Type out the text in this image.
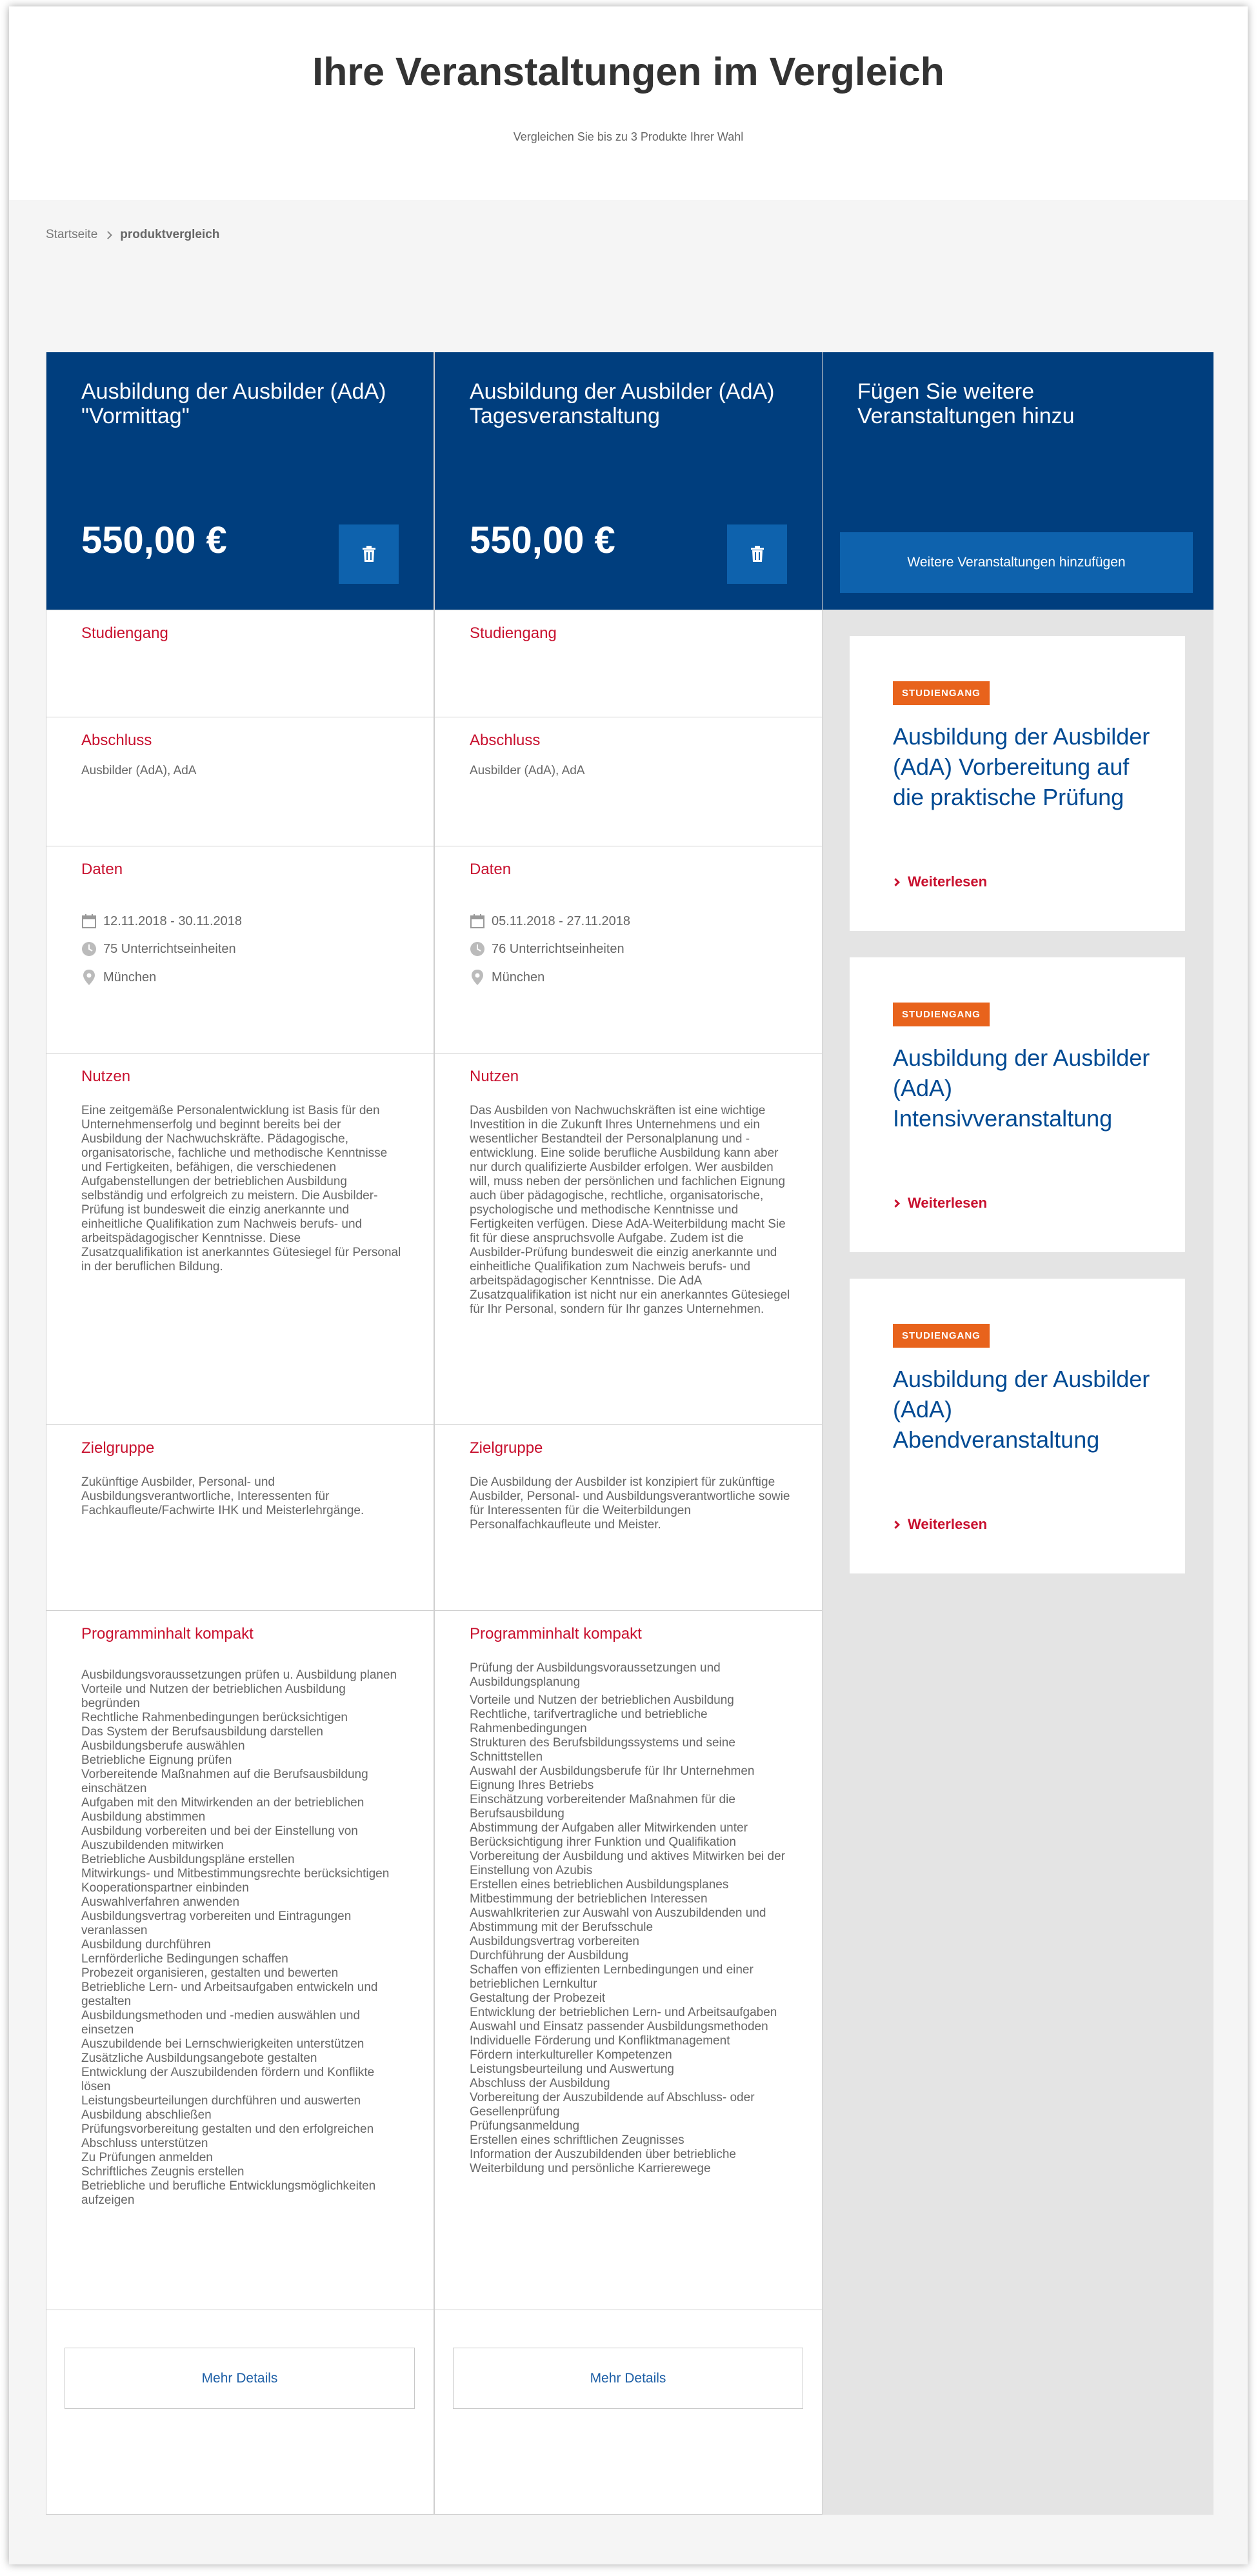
Ihre Veranstaltungen im Vergleich

Vergleichen Sie bis zu 3 Produkte Ihrer Wahl

Startseite produktvergleich
Ausbildung der Ausbilder (AdA) "Vormittag"
550,00 €
Studiengang
Abschluss
Ausbilder (AdA), AdA
Daten
12.11.2018 - 30.11.2018
75 Unterrichtseinheiten
München
Nutzen
Eine zeitgemäße Personalentwicklung ist Basis für den Unternehmenserfolg und beginnt bereits bei der Ausbildung der Nachwuchskräfte. Pädagogische, organisatorische, fachliche und methodische Kenntnisse und Fertigkeiten, befähigen, die verschiedenen Aufgabenstellungen der betrieblichen Ausbildung selbständig und erfolgreich zu meistern. Die Ausbilder-Prüfung ist bundesweit die einzig anerkannte und einheitliche Qualifikation zum Nachweis berufs- und arbeitspädagogischer Kenntnisse. Diese Zusatzqualifikation ist anerkanntes Gütesiegel für Personal in der beruflichen Bildung.
Zielgruppe
Zukünftige Ausbilder, Personal- und Ausbildungsverantwortliche, Interessenten für Fachkaufleute/Fachwirte IHK und Meisterlehrgänge.
Programminhalt kompakt
Ausbildungsvoraussetzungen prüfen u. Ausbildung planen
Vorteile und Nutzen der betrieblichen Ausbildung begründen
Rechtliche Rahmenbedingungen berücksichtigen
Das System der Berufsausbildung darstellen
Ausbildungsberufe auswählen
Betriebliche Eignung prüfen
Vorbereitende Maßnahmen auf die Berufsausbildung einschätzen
Aufgaben mit den Mitwirkenden an der betrieblichen Ausbildung abstimmen
Ausbildung vorbereiten und bei der Einstellung von Auszubildenden mitwirken
Betriebliche Ausbildungspläne erstellen
Mitwirkungs- und Mitbestimmungsrechte berücksichtigen
Kooperationspartner einbinden
Auswahlverfahren anwenden
Ausbildungsvertrag vorbereiten und Eintragungen veranlassen
Ausbildung durchführen
Lernförderliche Bedingungen schaffen
Probezeit organisieren, gestalten und bewerten
Betriebliche Lern- und Arbeitsaufgaben entwickeln und gestalten
Ausbildungsmethoden und -medien auswählen und einsetzen
Auszubildende bei Lernschwierigkeiten unterstützen
Zusätzliche Ausbildungsangebote gestalten
Entwicklung der Auszubildenden fördern und Konflikte lösen
Leistungsbeurteilungen durchführen und auswerten
Ausbildung abschließen
Prüfungsvorbereitung gestalten und den erfolgreichen
Abschluss unterstützen
Zu Prüfungen anmelden
Schriftliches Zeugnis erstellen
Betriebliche und berufliche Entwicklungsmöglichkeiten aufzeigen
Mehr Details
Ausbildung der Ausbilder (AdA) Tagesveranstaltung
550,00 €
Studiengang
Abschluss
Ausbilder (AdA), AdA
Daten
05.11.2018 - 27.11.2018
76 Unterrichtseinheiten
München
Nutzen
Das Ausbilden von Nachwuchskräften ist eine wichtige Investition in die Zukunft Ihres Unternehmens und ein wesentlicher Bestandteil der Personalplanung und -entwicklung. Eine solide berufliche Ausbildung kann aber nur durch qualifizierte Ausbilder erfolgen. Wer ausbilden will, muss neben der persönlichen und fachlichen Eignung auch über pädagogische, rechtliche, organisatorische, psychologische und methodische Kenntnisse und Fertigkeiten verfügen. Diese AdA-Weiterbildung macht Sie fit für diese anspruchsvolle Aufgabe. Zudem ist die Ausbilder-Prüfung bundesweit die einzig anerkannte und einheitliche Qualifikation zum Nachweis berufs- und arbeitspädagogischer Kenntnisse. Die AdA Zusatzqualifikation ist nicht nur ein anerkanntes Gütesiegel für Ihr Personal, sondern für Ihr ganzes Unternehmen.
Zielgruppe
Die Ausbildung der Ausbilder ist konzipiert für zukünftige Ausbilder, Personal- und Ausbildungsverantwortliche sowie für Interessenten für die Weiterbildungen Personalfachkaufleute und Meister.
Programminhalt kompakt
Prüfung der Ausbildungsvoraussetzungen und Ausbildungsplanung
Vorteile und Nutzen der betrieblichen Ausbildung
Rechtliche, tarifvertragliche und betriebliche Rahmenbedingungen
Strukturen des Berufsbildungssystems und seine Schnittstellen
Auswahl der Ausbildungsberufe für Ihr Unternehmen
Eignung Ihres Betriebs
Einschätzung vorbereitender Maßnahmen für die Berufsausbildung
Abstimmung der Aufgaben aller Mitwirkenden unter Berücksichtigung ihrer Funktion und Qualifikation
Vorbereitung der Ausbildung und aktives Mitwirken bei der Einstellung von Azubis
Erstellen eines betrieblichen Ausbildungsplanes
Mitbestimmung der betrieblichen Interessen
Auswahlkriterien zur Auswahl von Auszubildenden und Abstimmung mit der Berufsschule
Ausbildungsvertrag vorbereiten
Durchführung der Ausbildung
Schaffen von effizienten Lernbedingungen und einer betrieblichen Lernkultur
Gestaltung der Probezeit
Entwicklung der betrieblichen Lern- und Arbeitsaufgaben
Auswahl und Einsatz passender Ausbildungsmethoden
Individuelle Förderung und Konfliktmanagement
Fördern interkultureller Kompetenzen
Leistungsbeurteilung und Auswertung
Abschluss der Ausbildung
Vorbereitung der Auszubildende auf Abschluss- oder Gesellenprüfung
Prüfungsanmeldung
Erstellen eines schriftlichen Zeugnisses
Information der Auszubildenden über betriebliche Weiterbildung und persönliche Karrierewege
Mehr Details
Fügen Sie weitere Veranstaltungen hinzu
Weitere Veranstaltungen hinzufügen
STUDIENGANG
Ausbildung der Ausbilder (AdA) Vorbereitung auf die praktische Prüfung
Weiterlesen
STUDIENGANG
Ausbildung der Ausbilder (AdA) Intensivveranstaltung
Weiterlesen
STUDIENGANG
Ausbildung der Ausbilder (AdA) Abendveranstaltung
Weiterlesen
